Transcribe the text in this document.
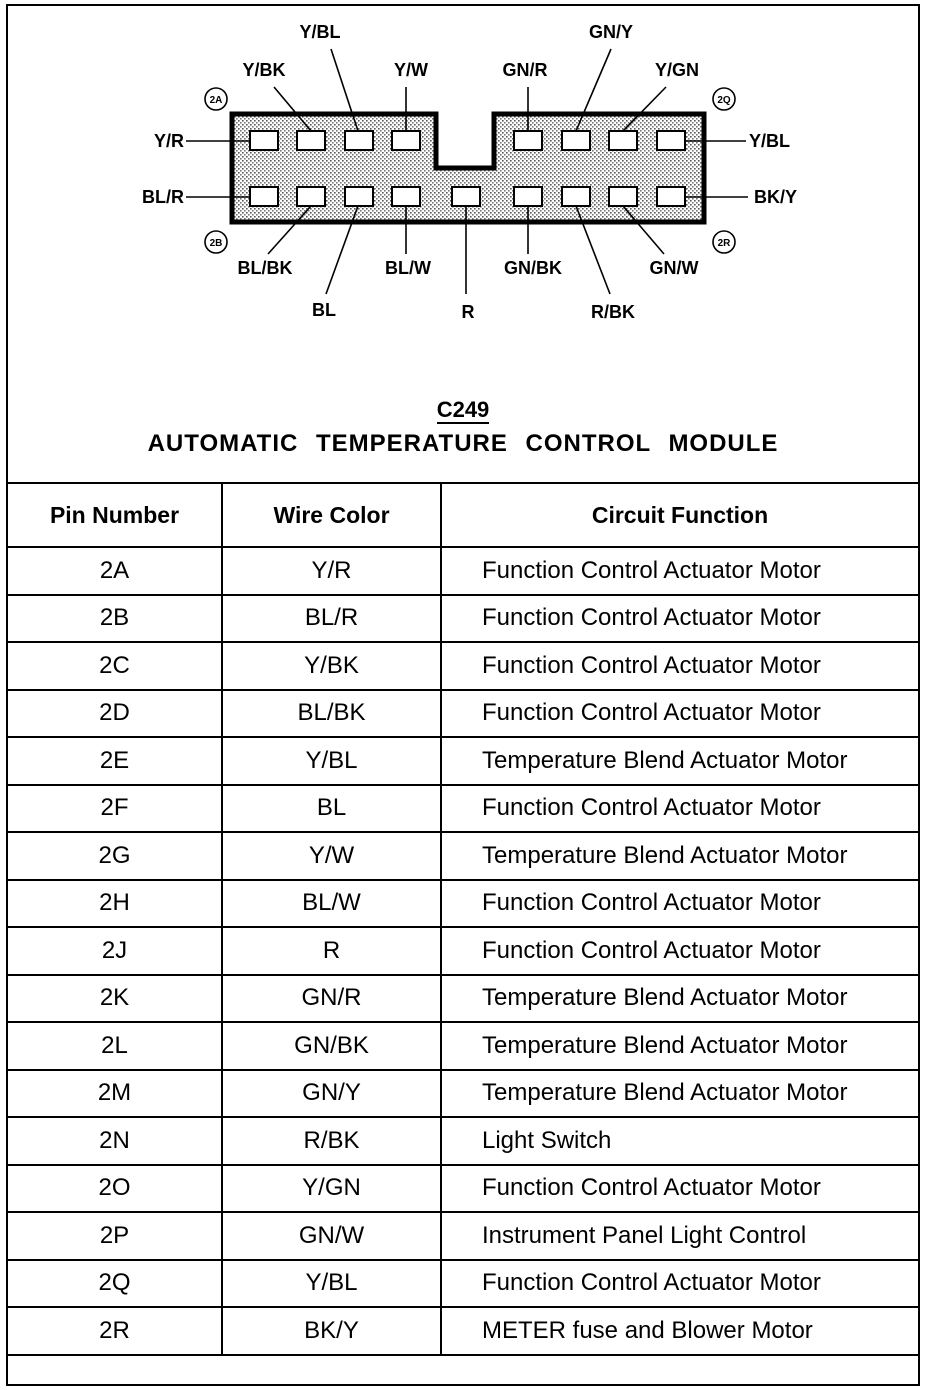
2A	2Q
2B	2R
Y/BL
Y/BK	Y/W	GN/R
GN/Y
Y/GN
Y/R	Y/BL
BL/R	BK/Y
BL/BK	BL/W	GN/BK	GN/W
BL	R	R/BK
C249
AUTOMATIC TEMPERATURE CONTROL MODULE
Pin Number	Wire Color	Circuit Function
2A	Y/R	Function Control Actuator Motor
2B	BL/R	Function Control Actuator Motor
2C	Y/BK	Function Control Actuator Motor
2D	BL/BK	Function Control Actuator Motor
2E	Y/BL	Temperature Blend Actuator Motor
2F	BL	Function Control Actuator Motor
2G	Y/W	Temperature Blend Actuator Motor
2H	BL/W	Function Control Actuator Motor
2J	R	Function Control Actuator Motor
2K	GN/R	Temperature Blend Actuator Motor
2L	GN/BK	Temperature Blend Actuator Motor
2M	GN/Y	Temperature Blend Actuator Motor
2N	R/BK	Light Switch
2O	Y/GN	Function Control Actuator Motor
2P	GN/W	Instrument Panel Light Control
2Q	Y/BL	Function Control Actuator Motor
2R	BK/Y	METER fuse and Blower Motor
